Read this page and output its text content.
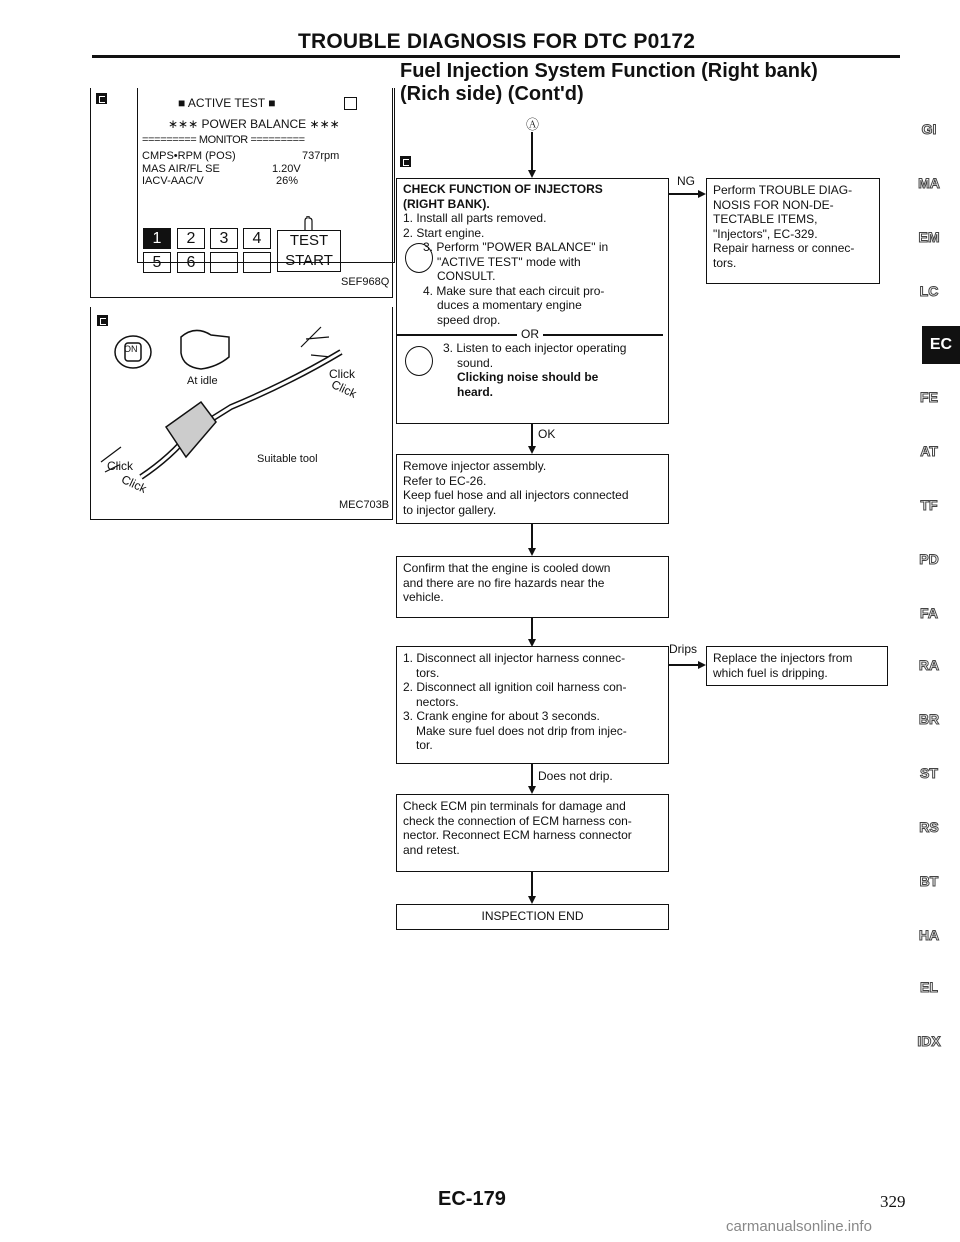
TROUBLE DIAGNOSIS FOR DTC P0172
Fuel Injection System Function (Right bank)
(Rich side) (Cont'd)
■ ACTIVE TEST ■
∗∗∗ POWER BALANCE ∗∗∗
========= MONITOR =========
CMPS•RPM (POS)	737rpm
MAS AIR/FL SE	1.20V
IACV-AAC/V	26%
1	2	3	4
5	6
TEST
START
SEF968Q
ON
At idle	Click
Click
Suitable tool
Click
Click
MEC703B
Ⓐ

CHECK FUNCTION OF INJECTORS

(RIGHT BANK).

1. Install all parts removed.

2. Start engine.

3. Perform "POWER BALANCE" in

"ACTIVE TEST" mode with

CONSULT.

4. Make sure that each circuit pro-

duces a momentary engine

speed drop.

OR

3. Listen to each injector operating

sound.

Clicking noise should be

heard.

NG

Perform TROUBLE DIAG-

NOSIS FOR NON-DE-

TECTABLE ITEMS,

"Injectors", EC-329.

Repair harness or connec-

tors.

OK

Remove injector assembly.

Refer to EC-26.

Keep fuel hose and all injectors connected

to injector gallery.

Confirm that the engine is cooled down

and there are no fire hazards near the

vehicle.

1. Disconnect all injector harness connec-

tors.

2. Disconnect all ignition coil harness con-

nectors.

3. Crank engine for about 3 seconds.

Make sure fuel does not drip from injec-

tor.

Drips

Replace the injectors from

which fuel is dripping.

Does not drip.

Check ECM pin terminals for damage and

check the connection of ECM harness con-

nector. Reconnect ECM harness connector

and retest.

INSPECTION END
GI
MA
EM
LC
EC
FE
AT
TF
PD
FA
RA
BR
ST
RS
BT
HA
EL
IDX
EC-179	329
carmanualsonline.info
